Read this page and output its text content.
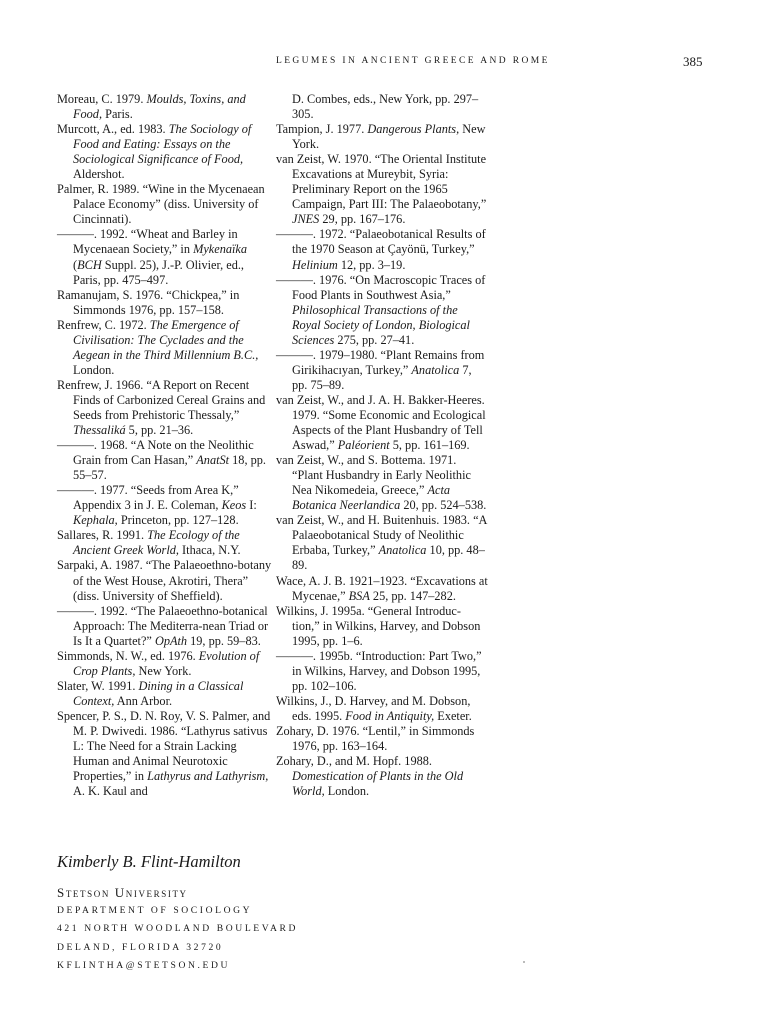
LEGUMES IN ANCIENT GREECE AND ROME	385

Moreau, C. 1979. Moulds, Toxins, and Food, Paris.

Murcott, A., ed. 1983. The Sociology of Food and Eating: Essays on the Sociological Significance of Food, Aldershot.

Palmer, R. 1989. “Wine in the Mycenaean Palace Economy” (diss. University of Cincinnati).

———. 1992. “Wheat and Barley in Mycenaean Society,” in Mykenaïka (BCH Suppl. 25), J.-P. Olivier, ed., Paris, pp. 475–497.

Ramanujam, S. 1976. “Chickpea,” in Simmonds 1976, pp. 157–158.

Renfrew, C. 1972. The Emergence of Civilisation: The Cyclades and the Aegean in the Third Millennium B.C., London.

Renfrew, J. 1966. “A Report on Recent Finds of Carbonized Cereal Grains and Seeds from Prehistoric Thessaly,” Thessaliká 5, pp. 21–36.

———. 1968. “A Note on the Neolithic Grain from Can Hasan,” AnatSt 18, pp. 55–57.

———. 1977. “Seeds from Area K,” Appendix 3 in J. E. Coleman, Keos I: Kephala, Princeton, pp. 127–128.

Sallares, R. 1991. The Ecology of the Ancient Greek World, Ithaca, N.Y.

Sarpaki, A. 1987. “The Palaeoethno-botany of the West House, Akrotiri, Thera” (diss. University of Sheffield).

———. 1992. “The Palaeoethno-botanical Approach: The Mediterra-nean Triad or Is It a Quartet?” OpAth 19, pp. 59–83.

Simmonds, N. W., ed. 1976. Evolution of Crop Plants, New York.

Slater, W. 1991. Dining in a Classical Context, Ann Arbor.

Spencer, P. S., D. N. Roy, V. S. Palmer, and M. P. Dwivedi. 1986. “Lathyrus sativus L: The Need for a Strain Lacking Human and Animal Neurotoxic Properties,” in Lathyrus and Lathyrism, A. K. Kaul and

D. Combes, eds., New York, pp. 297–305.

Tampion, J. 1977. Dangerous Plants, New York.

van Zeist, W. 1970. “The Oriental Institute Excavations at Mureybit, Syria: Preliminary Report on the 1965 Campaign, Part III: The Palaeobotany,” JNES 29, pp. 167–176.

———. 1972. “Palaeobotanical Results of the 1970 Season at Çayönü, Turkey,” Helinium 12, pp. 3–19.

———. 1976. “On Macroscopic Traces of Food Plants in Southwest Asia,” Philosophical Transactions of the Royal Society of London, Biological Sciences 275, pp. 27–41.

———. 1979–1980. “Plant Remains from Girikihacıyan, Turkey,” Anatolica 7, pp. 75–89.

van Zeist, W., and J. A. H. Bakker-Heeres. 1979. “Some Economic and Ecological Aspects of the Plant Husbandry of Tell Aswad,” Paléorient 5, pp. 161–169.

van Zeist, W., and S. Bottema. 1971. “Plant Husbandry in Early Neolithic Nea Nikomedeia, Greece,” Acta Botanica Neerlandica 20, pp. 524–538.

van Zeist, W., and H. Buitenhuis. 1983. “A Palaeobotanical Study of Neolithic Erbaba, Turkey,” Anatolica 10, pp. 48–89.

Wace, A. J. B. 1921–1923. “Excavations at Mycenae,” BSA 25, pp. 147–282.

Wilkins, J. 1995a. “General Introduc-tion,” in Wilkins, Harvey, and Dobson 1995, pp. 1–6.

———. 1995b. “Introduction: Part Two,” in Wilkins, Harvey, and Dobson 1995, pp. 102–106.

Wilkins, J., D. Harvey, and M. Dobson, eds. 1995. Food in Antiquity, Exeter.

Zohary, D. 1976. “Lentil,” in Simmonds 1976, pp. 163–164.

Zohary, D., and M. Hopf. 1988. Domestication of Plants in the Old World, London.

Kimberly B. Flint-Hamilton

Stetson University

DEPARTMENT OF SOCIOLOGY

421 NORTH WOODLAND BOULEVARD

DELAND, FLORIDA 32720

KFLINTHA@STETSON.EDU
